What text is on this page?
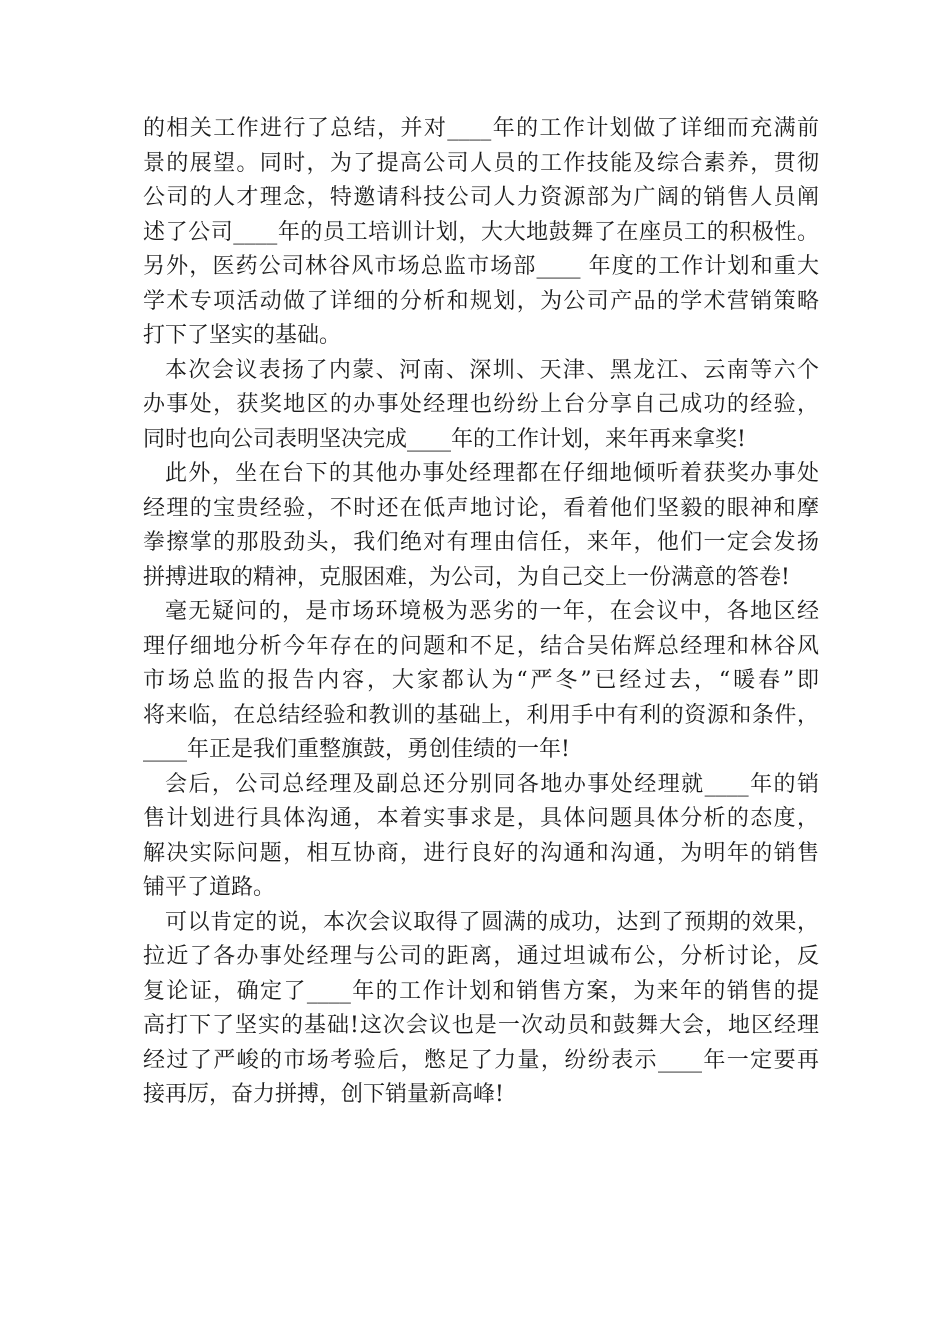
的相关工作进行了总结，并对____年的工作计划做了详细而充满前
景的展望。同时，为了提高公司人员的工作技能及综合素养，贯彻
公司的人才理念，特邀请科技公司人力资源部为广阔的销售人员阐
述了公司____年的员工培训计划，大大地鼓舞了在座员工的积极性。
另外，医药公司林谷风市场总监市场部____ 年度的工作计划和重大
学术专项活动做了详细的分析和规划，为公司产品的学术营销策略
打下了坚实的基础。
本次会议表扬了内蒙、河南、深圳、天津、黑龙江、云南等六个
办事处，获奖地区的办事处经理也纷纷上台分享自己成功的经验，
同时也向公司表明坚决完成____年的工作计划，来年再来拿奖!
此外，坐在台下的其他办事处经理都在仔细地倾听着获奖办事处
经理的宝贵经验，不时还在低声地讨论，看着他们坚毅的眼神和摩
拳擦掌的那股劲头，我们绝对有理由信任，来年，他们一定会发扬
拼搏进取的精神，克服困难，为公司，为自己交上一份满意的答卷!
毫无疑问的，是市场环境极为恶劣的一年，在会议中，各地区经
理仔细地分析今年存在的问题和不足，结合吴佑辉总经理和林谷风
市场总监的报告内容，大家都认为“严冬”已经过去，“暖春”即
将来临，在总结经验和教训的基础上，利用手中有利的资源和条件，
____年正是我们重整旗鼓，勇创佳绩的一年!
会后，公司总经理及副总还分别同各地办事处经理就____年的销
售计划进行具体沟通，本着实事求是，具体问题具体分析的态度，
解决实际问题，相互协商，进行良好的沟通和沟通，为明年的销售
铺平了道路。
可以肯定的说，本次会议取得了圆满的成功，达到了预期的效果，
拉近了各办事处经理与公司的距离，通过坦诚布公，分析讨论，反
复论证，确定了____年的工作计划和销售方案，为来年的销售的提
高打下了坚实的基础!这次会议也是一次动员和鼓舞大会，地区经理
经过了严峻的市场考验后，憋足了力量，纷纷表示____年一定要再
接再厉，奋力拼搏，创下销量新高峰!
